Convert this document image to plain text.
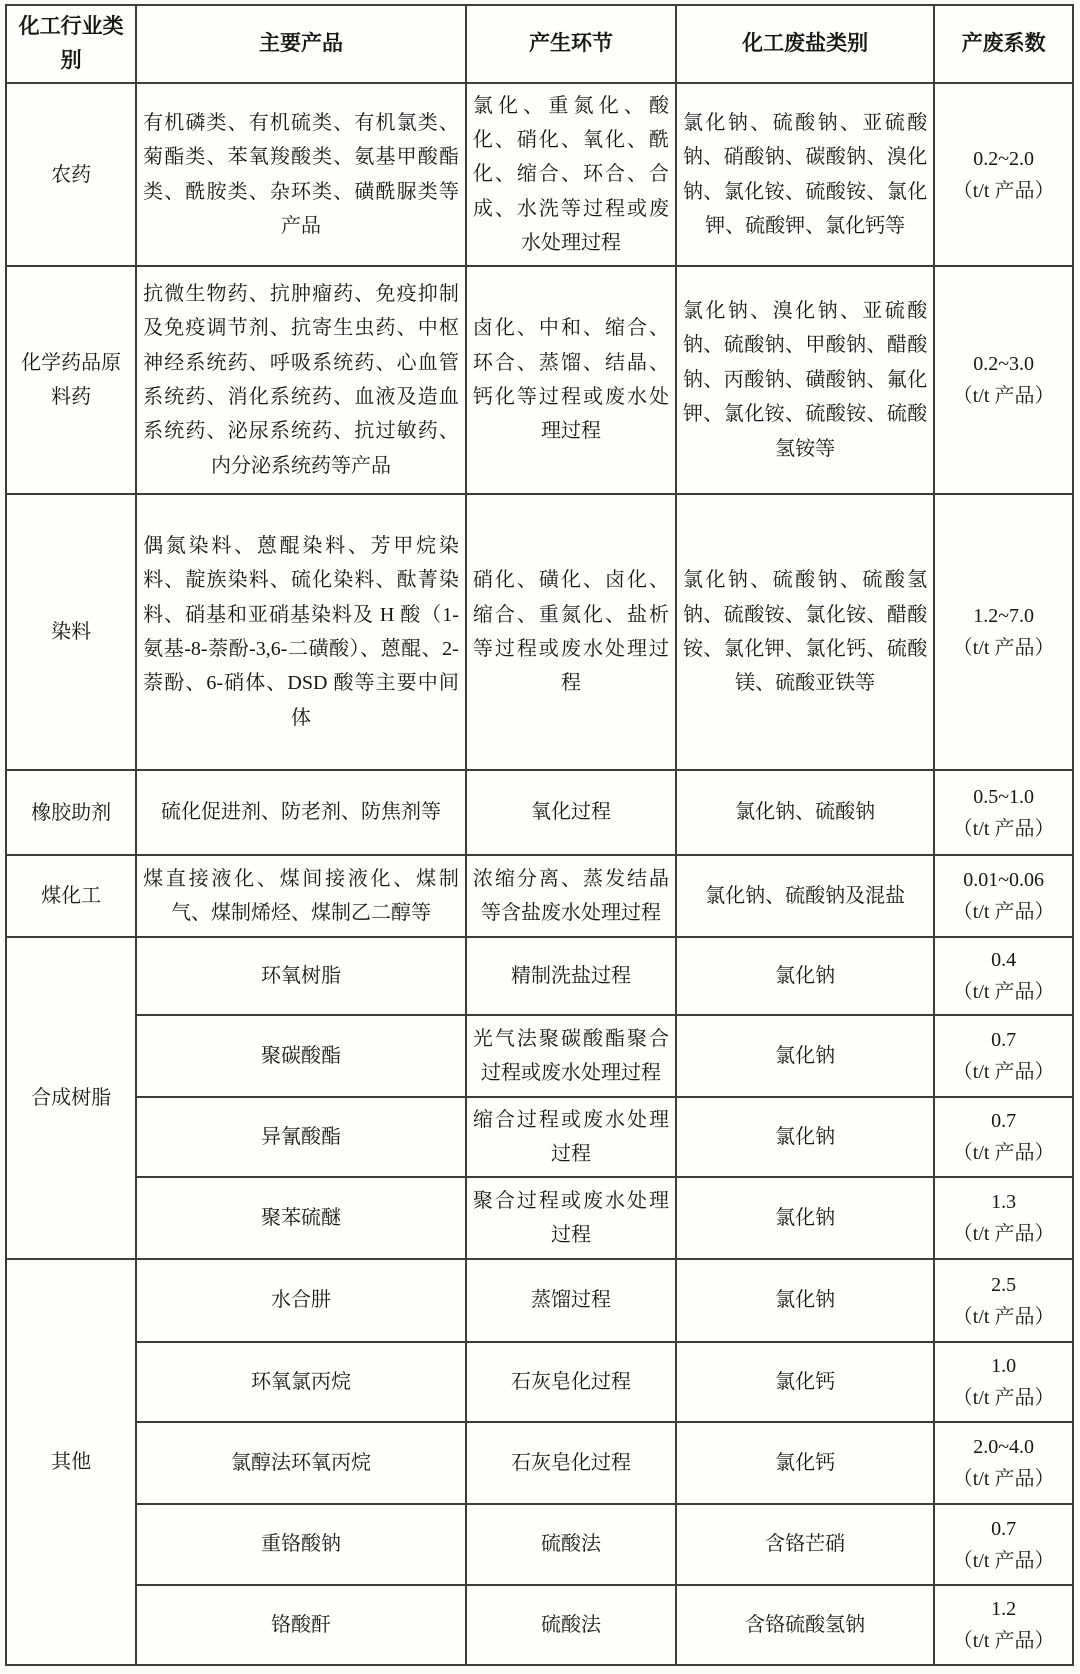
化工行业类别	主要产品	产生环节	化工废盐类别	产废系数
农药	有机磷类、有机硫类、有机氯类、菊酯类、苯氧羧酸类、氨基甲酸酯类、酰胺类、杂环类、磺酰脲类等产品	氯化、重氮化、酸化、硝化、氧化、酰化、缩合、环合、合成、水洗等过程或废水处理过程	氯化钠、硫酸钠、亚硫酸钠、硝酸钠、碳酸钠、溴化钠、氯化铵、硫酸铵、氯化钾、硫酸钾、氯化钙等	0.2~2.0
（t/t 产品）

化学药品原料药	抗微生物药、抗肿瘤药、免疫抑制及免疫调节剂、抗寄生虫药、中枢神经系统药、呼吸系统药、心血管系统药、消化系统药、血液及造血系统药、泌尿系统药、抗过敏药、内分泌系统药等产品	卤化、中和、缩合、环合、蒸馏、结晶、钙化等过程或废水处理过程	氯化钠、溴化钠、亚硫酸钠、硫酸钠、甲酸钠、醋酸钠、丙酸钠、磺酸钠、氟化钾、氯化铵、硫酸铵、硫酸氢铵等	0.2~3.0
（t/t 产品）

染料	偶氮染料、蒽醌染料、芳甲烷染料、靛族染料、硫化染料、酞菁染料、硝基和亚硝基染料及 H 酸（1-氨基-8-萘酚-3,6-二磺酸）、蒽醌、2-萘酚、6-硝体、DSD 酸等主要中间体	硝化、磺化、卤化、缩合、重氮化、盐析等过程或废水处理过程	氯化钠、硫酸钠、硫酸氢钠、硫酸铵、氯化铵、醋酸铵、氯化钾、氯化钙、硫酸镁、硫酸亚铁等	1.2~7.0
（t/t 产品）

橡胶助剂	硫化促进剂、防老剂、防焦剂等	氧化过程	氯化钠、硫酸钠	0.5~1.0
（t/t 产品）

煤化工	煤直接液化、煤间接液化、煤制气、煤制烯烃、煤制乙二醇等	浓缩分离、蒸发结晶等含盐废水处理过程	氯化钠、硫酸钠及混盐	0.01~0.06
（t/t 产品）

合成树脂	环氧树脂	精制洗盐过程	氯化钠	0.4
（t/t 产品）

	聚碳酸酯	光气法聚碳酸酯聚合过程或废水处理过程	氯化钠	0.7
（t/t 产品）

	异氰酸酯	缩合过程或废水处理过程	氯化钠	0.7
（t/t 产品）

	聚苯硫醚	聚合过程或废水处理过程	氯化钠	1.3
（t/t 产品）

其他	水合肼	蒸馏过程	氯化钠	2.5
（t/t 产品）

	环氧氯丙烷	石灰皂化过程	氯化钙	1.0
（t/t 产品）

	氯醇法环氧丙烷	石灰皂化过程	氯化钙	2.0~4.0
（t/t 产品）

	重铬酸钠	硫酸法	含铬芒硝	0.7
（t/t 产品）

	铬酸酐	硫酸法	含铬硫酸氢钠	1.2
（t/t 产品）
